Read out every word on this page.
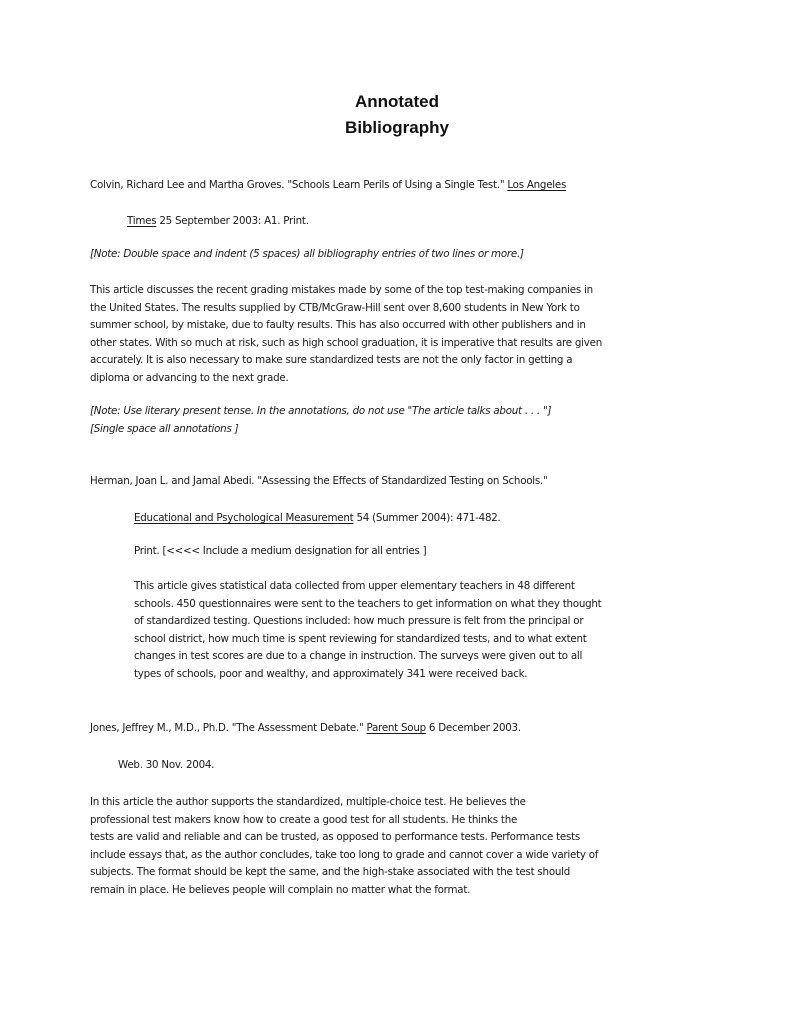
Annotated
Bibliography
Colvin, Richard Lee and Martha Groves. "Schools Learn Perils of Using a Single Test." Los Angeles
Times 25 September 2003: A1. Print.
[Note: Double space and indent (5 spaces) all bibliography entries of two lines or more.]
This article discusses the recent grading mistakes made by some of the top test-making companies in
the United States. The results supplied by CTB/McGraw-Hill sent over 8,600 students in New York to
summer school, by mistake, due to faulty results. This has also occurred with other publishers and in
other states. With so much at risk, such as high school graduation, it is imperative that results are given
accurately. It is also necessary to make sure standardized tests are not the only factor in getting a
diploma or advancing to the next grade.
[Note: Use literary present tense. In the annotations, do not use "The article talks about . . . "]
[Single space all annotations ]
Herman, Joan L. and Jamal Abedi. "Assessing the Effects of Standardized Testing on Schools."
Educational and Psychological Measurement 54 (Summer 2004): 471-482.
Print. [<<<< Include a medium designation for all entries ]
This article gives statistical data collected from upper elementary teachers in 48 different
schools. 450 questionnaires were sent to the teachers to get information on what they thought
of standardized testing. Questions included: how much pressure is felt from the principal or
school district, how much time is spent reviewing for standardized tests, and to what extent
changes in test scores are due to a change in instruction. The surveys were given out to all
types of schools, poor and wealthy, and approximately 341 were received back.
Jones, Jeffrey M., M.D., Ph.D. "The Assessment Debate." Parent Soup 6 December 2003.
Web. 30 Nov. 2004.
In this article the author supports the standardized, multiple-choice test. He believes the
professional test makers know how to create a good test for all students. He thinks the
tests are valid and reliable and can be trusted, as opposed to performance tests. Performance tests
include essays that, as the author concludes, take too long to grade and cannot cover a wide variety of
subjects. The format should be kept the same, and the high-stake associated with the test should
remain in place. He believes people will complain no matter what the format.
